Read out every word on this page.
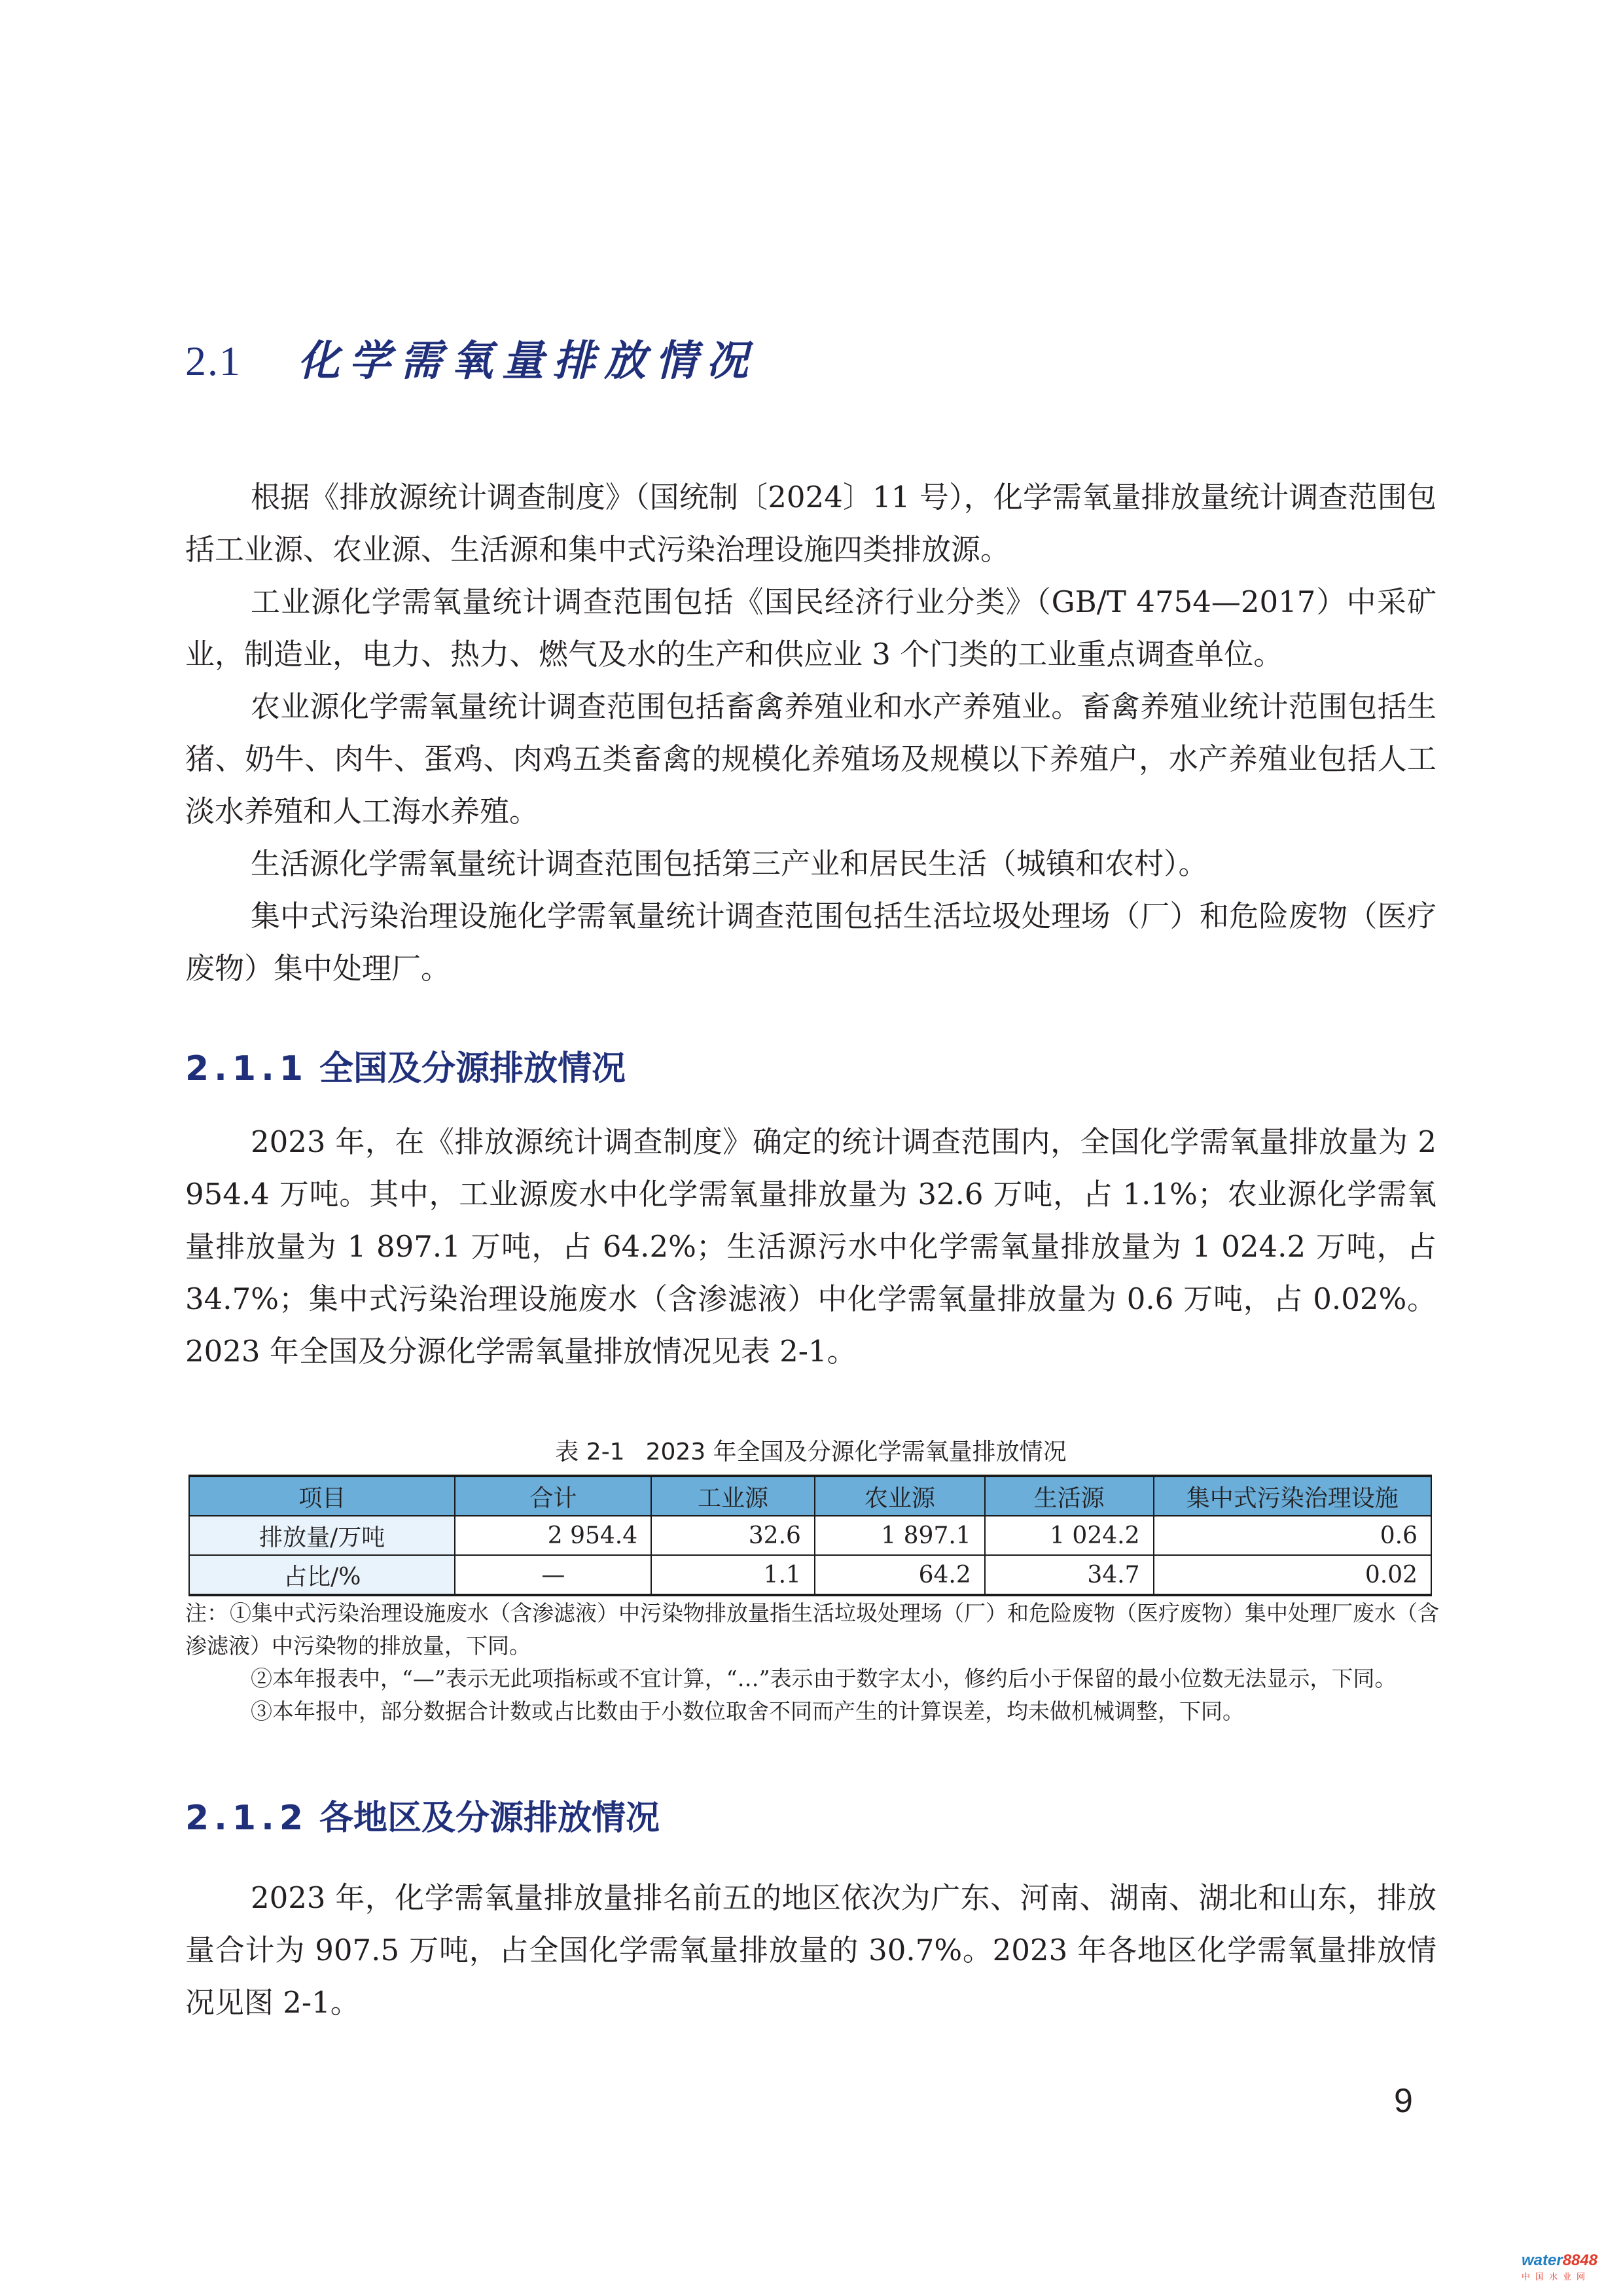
2.1 化学需氧量排放情况

根据《排放源统计调查制度》（国统制〔2024〕11 号），化学需氧量排放量统计调查范围包括工业源、农业源、生活源和集中式污染治理设施四类排放源。

工业源化学需氧量统计调查范围包括《国民经济行业分类》（GB/T 4754—2017）中采矿业，制造业，电力、热力、燃气及水的生产和供应业 3 个门类的工业重点调查单位。

农业源化学需氧量统计调查范围包括畜禽养殖业和水产养殖业。畜禽养殖业统计范围包括生猪、奶牛、肉牛、蛋鸡、肉鸡五类畜禽的规模化养殖场及规模以下养殖户，水产养殖业包括人工淡水养殖和人工海水养殖。

生活源化学需氧量统计调查范围包括第三产业和居民生活（城镇和农村）。

集中式污染治理设施化学需氧量统计调查范围包括生活垃圾处理场（厂）和危险废物（医疗废物）集中处理厂。

2.1.1 全国及分源排放情况

2023 年，在《排放源统计调查制度》确定的统计调查范围内，全国化学需氧量排放量为 2 954.4 万吨。其中，工业源废水中化学需氧量排放量为 32.6 万吨，占 1.1%；农业源化学需氧量排放量为 1 897.1 万吨，占 64.2%；生活源污水中化学需氧量排放量为 1 024.2 万吨，占 34.7%；集中式污染治理设施废水（含渗滤液）中化学需氧量排放量为 0.6 万吨，占 0.02%。2023 年全国及分源化学需氧量排放情况见表 2-1。

表 2-1 2023 年全国及分源化学需氧量排放情况

项目	合计	工业源	农业源	生活源	集中式污染治理设施
排放量/万吨	2 954.4	32.6	1 897.1	1 024.2	0.6
占比/%	—	1.1	64.2	34.7	0.02

注：①集中式污染治理设施废水（含渗滤液）中污染物排放量指生活垃圾处理场（厂）和危险废物（医疗废物）集中处理厂废水（含渗滤液）中污染物的排放量，下同。

②本年报表中，“—”表示无此项指标或不宜计算，“…”表示由于数字太小，修约后小于保留的最小位数无法显示，下同。

③本年报中，部分数据合计数或占比数由于小数位取舍不同而产生的计算误差，均未做机械调整，下同。

2.1.2 各地区及分源排放情况

2023 年，化学需氧量排放量排名前五的地区依次为广东、河南、湖南、湖北和山东，排放量合计为 907.5 万吨，占全国化学需氧量排放量的 30.7%。2023 年各地区化学需氧量排放情况见图 2-1。

9

water8848
中国水业网
